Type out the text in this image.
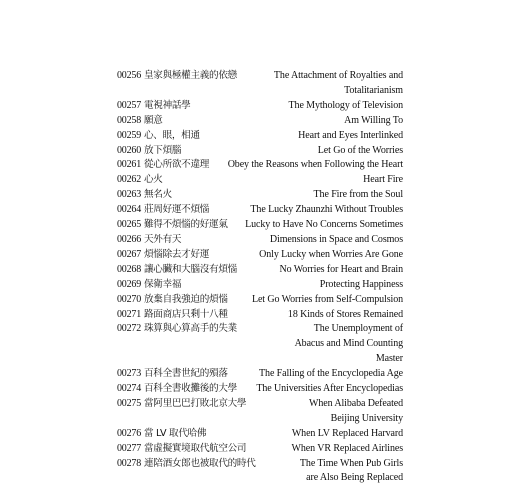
00256 皇家與極權主義的依戀	The Attachment of Royalties and Totalitarianism
00257 電視神話學	The Mythology of Television
00258 願意	Am Willing To
00259 心、眼，相通	Heart and Eyes Interlinked
00260 放下煩腦	Let Go of the Worries
00261 從心所欲不違理	Obey the Reasons when Following the Heart
00262 心火	Heart Fire
00263 無名火	The Fire from the Soul
00264 莊周好運不煩惱	The Lucky Zhaunzhi Without Troubles
00265 難得不煩惱的好運氣	Lucky to Have No Concerns Sometimes
00266 天外有天	Dimensions in Space and Cosmos
00267 煩惱除去才好運	Only Lucky when Worries Are Gone
00268 讓心臟和大腦沒有煩惱	No Worries for Heart and Brain
00269 保衛幸福	Protecting Happiness
00270 放棄自我強迫的煩惱	Let Go Worries from Self-Compulsion
00271 路面商店只剩十八種	18 Kinds of Stores Remained
00272 珠算與心算高手的失業	The Unemployment of Abacus and Mind Counting Master
00273 百科全書世紀的殞落	The Falling of the Encyclopedia Age
00274 百科全書收攤後的大學	The Universities After Encyclopedias
00275 當阿里巴巴打敗北京大學	When Alibaba Defeated Beijing University
00276 當 LV 取代哈佛	When LV Replaced Harvard
00277 當虛擬實境取代航空公司	When VR Replaced Airlines
00278 連陪酒女郎也被取代的時代	The Time When Pub Girls are Also Being Replaced
